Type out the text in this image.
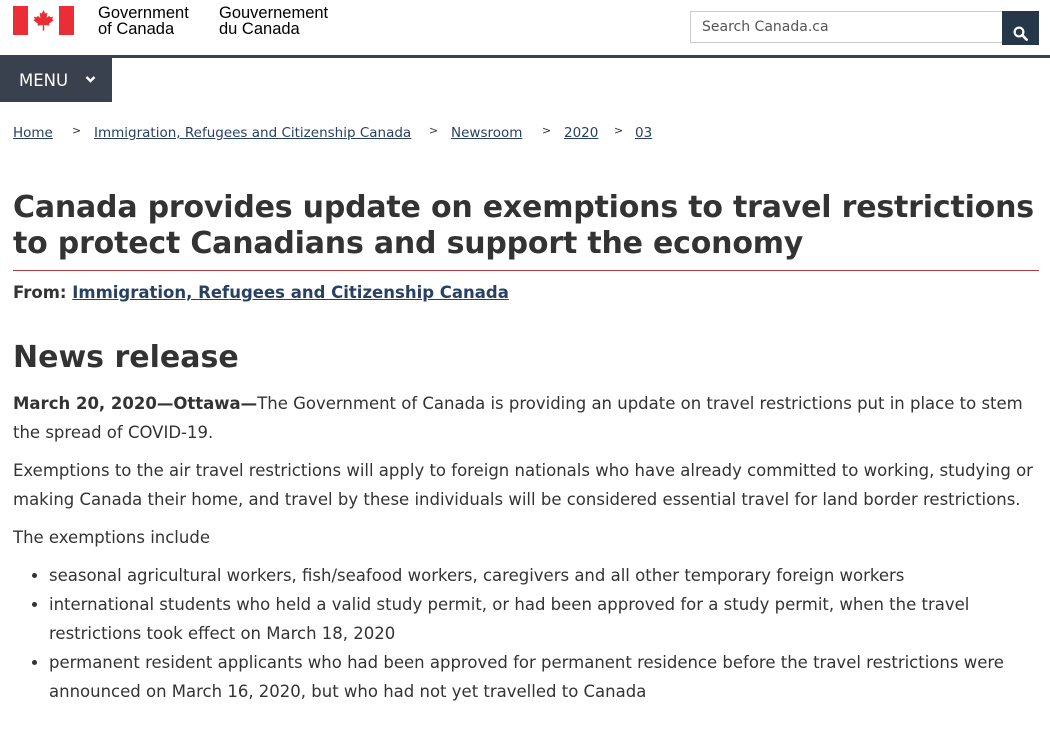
Government
of Canada
Gouvernement
du Canada
Search Canada.ca
MENU
Home > Immigration, Refugees and Citizenship Canada > Newsroom > 2020 > 03
Canada provides update on exemptions to travel restrictions to protect Canadians and support the economy
From: Immigration, Refugees and Citizenship Canada
News release

March 20, 2020—Ottawa—The Government of Canada is providing an update on travel restrictions put in place to stem the spread of COVID-19.

Exemptions to the air travel restrictions will apply to foreign nationals who have already committed to working, studying or making Canada their home, and travel by these individuals will be considered essential travel for land border restrictions.

The exemptions include

• seasonal agricultural workers, fish/seafood workers, caregivers and all other temporary foreign workers
• international students who held a valid study permit, or had been approved for a study permit, when the travel restrictions took effect on March 18, 2020
• permanent resident applicants who had been approved for permanent residence before the travel restrictions were announced on March 16, 2020, but who had not yet travelled to Canada
